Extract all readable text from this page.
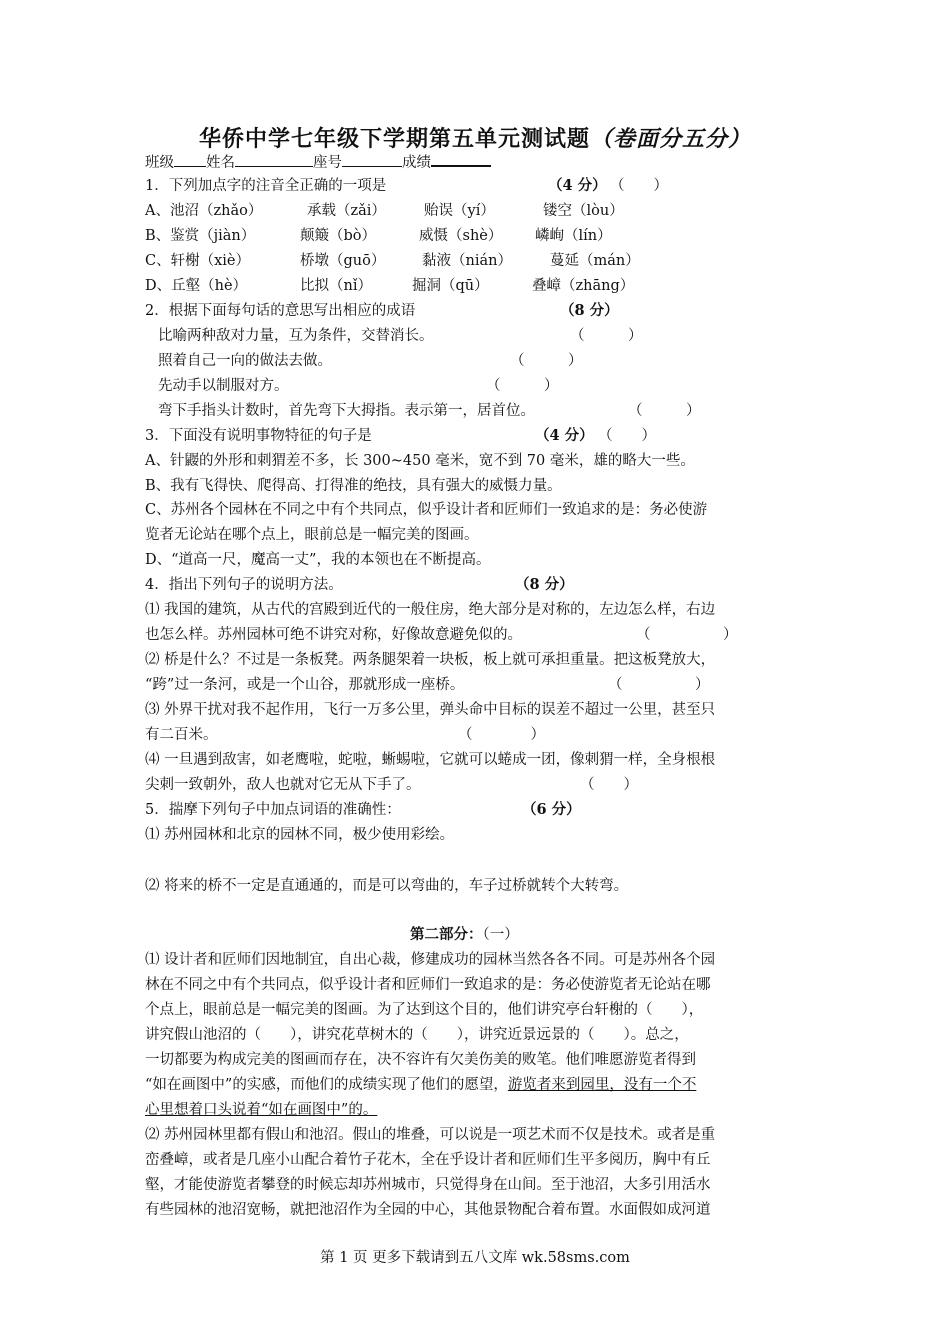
华侨中学七年级下学期第五单元测试题（卷面分五分）
班级 姓名	座号	成绩
1．下列加点字的注音全正确的一项是	（4 分） （　　）
A、池沼（zhǎo）	承载（zǎi）	贻误（yí）	镂空（lòu）
B、鉴赏（jiàn）	颠簸（bò）	威慑（shè） 嶙峋（lín）
C、轩榭（xiè）	桥墩（guō）	黏液（nián）	蔓延（mán）
D、丘壑（hè）	比拟（nǐ）	掘洞（qū）	叠嶂（zhāng）
2．根据下面每句话的意思写出相应的成语	（8 分）
比喻两种敌对力量，互为条件，交替消长。	（　　　）
照着自己一向的做法去做。	（　　　）
先动手以制服对方。	（　　　）
弯下手指头计数时，首先弯下大拇指。表示第一，居首位。	（　　　）
3．下面没有说明事物特征的句子是	（4 分） （　　）
A、针鼹的外形和刺猬差不多，长 300~450 毫米，宽不到 70 毫米，雄的略大一些。
B、我有飞得快、爬得高、打得准的绝技，具有强大的威慑力量。
C、苏州各个园林在不同之中有个共同点，似乎设计者和匠师们一致追求的是：务必使游
览者无论站在哪个点上，眼前总是一幅完美的图画。
D、“道高一尺，魔高一丈”，我的本领也在不断提高。
4．指出下列句子的说明方法。	（8 分）
⑴ 我国的建筑，从古代的宫殿到近代的一般住房，绝大部分是对称的，左边怎么样，右边
也怎么样。苏州园林可绝不讲究对称，好像故意避免似的。	（　　　　　）
⑵ 桥是什么？不过是一条板凳。两条腿架着一块板，板上就可承担重量。把这板凳放大，
“跨”过一条河，或是一个山谷，那就形成一座桥。	（　　　　　）
⑶ 外界干扰对我不起作用，飞行一万多公里，弹头命中目标的误差不超过一公里，甚至只
有二百米。	（　　　　）
⑷ 一旦遇到敌害，如老鹰啦，蛇啦，蜥蜴啦，它就可以蜷成一团，像刺猬一样，全身根根
尖刺一致朝外，敌人也就对它无从下手了。	（　　）
5．揣摩下列句子中加点词语的准确性：	（6 分）
⑴ 苏州园林和北京的园林不同，极少使用彩绘。
⑵ 将来的桥不一定是直通通的，而是可以弯曲的，车子过桥就转个大转弯。
第二部分：（一）
⑴ 设计者和匠师们因地制宜，自出心裁，修建成功的园林当然各各不同。可是苏州各个园
林在不同之中有个共同点，似乎设计者和匠师们一致追求的是：务必使游览者无论站在哪
个点上，眼前总是一幅完美的图画。为了达到这个目的，他们讲究亭台轩榭的（　　），
讲究假山池沼的（　　），讲究花草树木的（　　），讲究近景远景的（　　）。总之，
一切都要为构成完美的图画而存在，决不容许有欠美伤美的败笔。他们唯愿游览者得到
“如在画图中”的实感，而他们的成绩实现了他们的愿望，游览者来到园里，没有一个不
心里想着口头说着“如在画图中”的。
⑵ 苏州园林里都有假山和池沼。假山的堆叠，可以说是一项艺术而不仅是技术。或者是重
峦叠嶂，或者是几座小山配合着竹子花木，全在乎设计者和匠师们生平多阅历，胸中有丘
壑，才能使游览者攀登的时候忘却苏州城市，只觉得身在山间。至于池沼，大多引用活水
有些园林的池沼宽畅，就把池沼作为全园的中心，其他景物配合着布置。水面假如成河道
第 1 页 更多下载请到五八文库 wk.58sms.com
